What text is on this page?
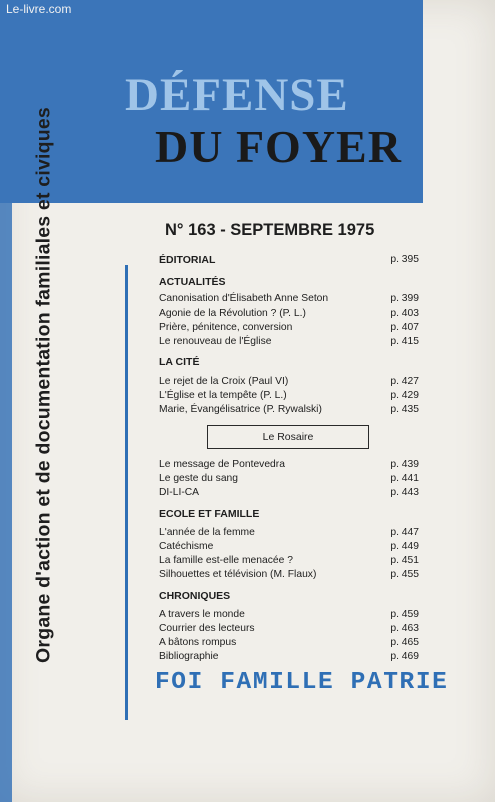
Le-livre.com
DÉFENSE
DU FOYER
Organe d'action et de documentation familiales et civiques	N° 163 - SEPTEMBRE 1975
ÉDITORIAL	p. 395
ACTUALITÉS
Canonisation d'Élisabeth Anne Seton	p. 399
Agonie de la Révolution ? (P. L.)	p. 403
Prière, pénitence, conversion	p. 407
Le renouveau de l'Église	p. 415
LA CITÉ
Le rejet de la Croix (Paul VI)	p. 427
L'Église et la tempête (P. L.)	p. 429
Marie, Évangélisatrice (P. Rywalski)	p. 435
Le Rosaire
Le message de Pontevedra	p. 439
Le geste du sang	p. 441
DI-LI-CA	p. 443
ECOLE ET FAMILLE
L'année de la femme	p. 447
Catéchisme	p. 449
La famille est-elle menacée ?	p. 451
Silhouettes et télévision (M. Flaux)	p. 455
CHRONIQUES
A travers le monde	p. 459
Courrier des lecteurs	p. 463
A bâtons rompus	p. 465
Bibliographie	p. 469
FOI FAMILLE PATRIE
